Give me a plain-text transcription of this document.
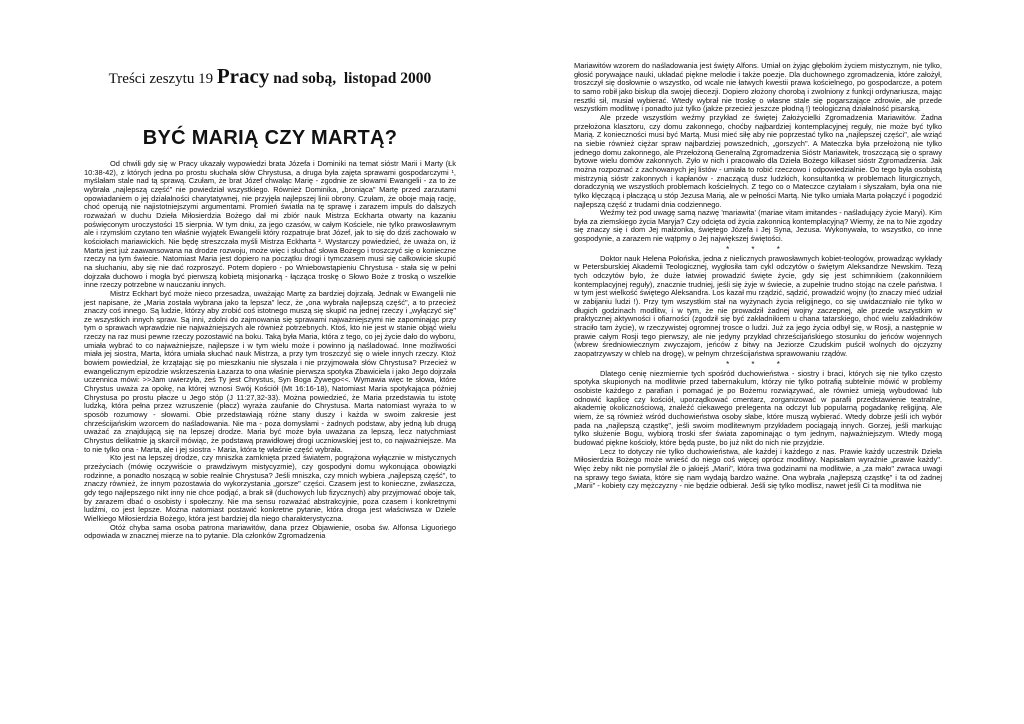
Treści zeszytu 19 Pracy nad sobą,  listopad 2000
BYĆ MARIĄ CZY MARTĄ?

Od chwili gdy się w Pracy ukazały wypowiedzi brata Józefa i Dominiki na temat sióstr Marii i Marty (Łk 10:38-42), z których jedna po prostu słuchała słów Chrystusa, a druga była zajęta sprawami gospodarczymi ¹, myślałam stale nad tą sprawą. Czułam, że brat Józef chwaląc Marię - zgodnie ze słowami Ewangelii - za to że wybrała „najlepszą część" nie powiedział wszystkiego. Również Dominika, „broniąca" Martę przed zarzutami opowiadaniem o jej działalności charytatywnej, nie przyjęła najlepszej linii obrony. Czułam, że oboje mają rację, choć operują nie najistotniejszymi argumentami. Promień światła na tę sprawę i zarazem impuls do dalszych rozważań w duchu Dzieła Miłosierdzia Bożego dał mi zbiór nauk Mistrza Eckharta otwarty na kazaniu poświęconym uroczystości 15 sierpnia. W tym dniu, za jego czasów, w całym Kościele, nie tylko prawosławnym ale i rzymskim czytano ten właśnie wyjątek Ewangelii który rozpatruje brat Józef, jak to się do dziś zachowało w kościołach mariawickich. Nie będę streszczała myśli Mistrza Eckharta ². Wystarczy powiedzieć, że uważa on, iż Marta jest już zaawansowana na drodze rozwoju, może więc i słuchać słowa Bożego i troszczyć się o konieczne rzeczy na tym świecie. Natomiast Maria jest dopiero na początku drogi i tymczasem musi się całkowicie skupić na słuchaniu, aby się nie dać rozproszyć. Potem dopiero - po Wniebowstąpieniu Chrystusa - stała się w pełni dojrzała duchowo i mogła być pierwszą kobietą misjonarką - łącząca troskę o Słowo Boże z troską o wszelkie inne rzeczy potrzebne w nauczaniu innych.

Mistrz Eckhart być może nieco przesadza, uważając Martę za bardziej dojrzałą. Jednak w Ewangelii nie jest napisane, że „Maria została wybrana jako ta lepsza" lecz, że „ona wybrała najlepszą część", a to przecież znaczy coś innego. Są ludzie, którzy aby zrobić coś istotnego muszą się skupić na jednej rzeczy i „wyłączyć się" ze wszystkich innych spraw. Są inni, zdolni do zajmowania się sprawami najważniejszymi nie zapominając przy tym o sprawach wprawdzie nie najważniejszych ale również potrzebnych. Ktoś, kto nie jest w stanie objąć wielu rzeczy na raz musi pewne rzeczy pozostawić na boku. Taką była Maria, która z tego, co jej życie dało do wyboru, umiała wybrać to co najważniejsze, najlepsze i w tym wielu może i powinno ją naśladować. Inne możliwości miała jej siostra, Marta, która umiała słuchać nauk Mistrza, a przy tym troszczyć się o wiele innych rzeczy. Ktoż bowiem powiedział, że krzątając się po mieszkaniu nie słyszała i nie przyjmowała słów Chrystusa? Przecież w ewangelicznym epizodzie wskrzeszenia Łazarza to ona właśnie pierwsza spotyka Zbawiciela i jako Jego dojrzała uczennica mówi: >>Jam uwierzyła, żeś Ty jest Chrystus, Syn Boga Żywego<<. Wymawia więc te słowa, które Chrystus uważa za opokę, na której wznosi Swój Kościół (Mt 16:16-18), Natomiast Maria spotykająca później Chrystusa po prostu płacze u Jego stóp (J 11:27,32-33). Można powiedzieć, że Maria przedstawia tu istotę ludzką, która pełna przez wzruszenie (płacz) wyraża zaufanie do Chrystusa. Marta natomiast wyraża to w sposób rozumowy - słowami. Obie przedstawiają różne stany duszy i każda w swoim zakresie jest chrześcijańskim wzorcem do naśladowania. Nie ma - poza domysłami - żadnych podstaw, aby jedną lub drugą uważać za znajdującą się na lepszej drodze. Maria być może była uważana za lepszą, lecz natychmiast Chrystus delikatnie ją skarcił mówiąc, że podstawą prawidłowej drogi uczniowskiej jest to, co najważniejsze. Ma to nie tylko ona - Marta, ale i jej siostra - Maria, która tę właśnie część wybrała.

Kto jest na lepszej drodze, czy mniszka zamknięta przed światem, pogrążona wyłącznie w mistycznych przeżyciach (mówię oczywiście o prawdziwym mistycyzmie), czy gospodyni domu wykonująca obowiązki rodzinne, a ponadto noszącą w sobie realnie Chrystusa? Jeśli mniszka, czy mnich wybiera „najlepszą część", to znaczy również, że innym pozostawia do wykorzystania „gorsze" części. Czasem jest to konieczne, zwłaszcza, gdy tego najlepszego nikt inny nie chce podjąć, a brak sił (duchowych lub fizycznych) aby przyjmować oboje tak, by zarazem dbać o osobisty i społeczny. Nie ma sensu rozważać abstrakcyjnie, poza czasem i konkretnymi ludźmi, co jest lepsze. Można natomiast postawić konkretne pytanie, która droga jest właściwsza w Dziele Wielkiego Miłosierdzia Bożego, która jest bardziej dla niego charakterystyczna.

Otóż chyba sama osoba patrona mariawitów, dana przez Objawienie, osoba św. Alfonsa Liguoriego odpowiada w znacznej mierze na to pytanie. Dla członków Zgromadzenia

Mariawitów wzorem do naśladowania jest święty Alfons. Umiał on żyjąc głębokim życiem mistycznym, nie tylko, głosić porywające nauki, układać piękne melodie i także poezje. Dla duchownego zgromadzenia, które założył, troszczył się dosłownie o wszystko, od wcale nie łatwych kwestii prawa kościelnego, po gospodarcze, a potem to samo robił jako biskup dla swojej diecezji. Dopiero złożony chorobą i zwolniony z funkcji ordynariusza, mając resztki sił, musiał wybierać. Wtedy wybrał nie troskę o własne stale się pogarszające zdrowie, ale przede wszystkim modlitwę i ponadto już tylko (jakże przecież jeszcze płodną !) teologiczną działalność pisarską.

Ale przede wszystkim weźmy przykład ze świętej Założycielki Zgromadzenia Mariawitów. Żadna przełożona klasztoru, czy domu zakonnego, choćby najbardziej kontemplacyjnej reguły, nie może być tylko Marią. Z konieczności musi być Martą. Musi mieć siłę aby nie poprzestać tylko na „najlepszej części", ale wziąć na siebie również ciężar spraw najbardziej powszednich, „gorszych". A Mateczka była przełożoną nie tylko jednego domu zakonnego, ale Przełożoną Generalną Zgromadzenia Sióstr Mariawitek, troszczącą się o sprawy bytowe wielu domów zakonnych. Żyło w nich i pracowało dla Dzieła Bożego kilkaset sióstr Zgromadzenia. Jak można rozpoznać z zachowanych jej listów - umiała to robić rzeczowo i odpowiedzialnie. Do tego była osobistą mistrzynią sióstr zakonnych i kapłanów - znaczącą dusz ludzkich, konsultantką w problemach liturgicznych, doradczynią we wszystkich problemach kościelnych. Z tego co o Mateczce czytałam i słyszałam, była ona nie tylko klęczącą i płaczącą u stóp Jezusa Marią, ale w pełności Martą. Nie tylko umiała Marta połączyć i pogodzić najlepszą część z trudami dnia codziennego.

Weźmy też pod uwagę samą nazwę 'mariawita' (mariae vitam imitandes - naśladujący życie Maryi). Kim była za ziemskiego życia Maryja? Czy odcięta od życia zakonnicą kontemplacyjną? Wiemy, że na to Nie zgodzy się znaczy się i dom Jej małżonka, świętego Józefa i Jej Syna, Jezusa. Wykonywała, to wszystko, co inne gospodynie, a zarazem nie wątpmy o Jej największej świętości.

* * *

Doktor nauk Helena Połońska, jedna z nielicznych prawosławnych kobiet-teologów, prowadząc wykłady w Petersburskiej Akademii Teologicznej, wygłosiła tam cykl odczytów o świętym Aleksandrze Newskim. Tezą tych odczytów było, że duże łatwiej prowadzić święte życie, gdy się jest schimnikiem (zakonnikiem kontemplacyjnej reguły), znacznie trudniej, jeśli się żyje w świecie, a zupełnie trudno stojąc na czele państwa. I w tym jest wielkość świętego Aleksandra. Los kazał mu rządzić, sądzić, prowadzić wojny (to znaczy mieć udział w zabijaniu ludzi !). Przy tym wszystkim stał na wyżynach życia religijnego, co się uwidaczniało nie tylko w długich godzinach modlitw, i w tym, że nie prowadził żadnej wojny zaczepnej, ale przede wszystkim w praktycznej aktywności i ofiarności (zgodził się być zakładnikiem u chana tatarskiego, choć wielu zakładników straciło tam życie), w rzeczywistej ogromnej trosce o ludzi. Już za jego życia odbył się, w Rosji, a następnie w prawie całym Rosji tego pierwszy, ale nie jedyny przykład chrześcijańskiego stosunku do jeńców wojennych (wbrew średniowiecznym zwyczajom, jeńców z bitwy na Jeziorze Czudskim puścił wolnych do ojczyzny zaopatrzywszy w chleb na drogę), w pełnym chrześcijaństwa sprawowaniu rządów.

* * *

Dlatego cenię niezmiernie tych spośród duchowieństwa - siostry i braci, których się nie tylko często spotyka skupionych na modlitwie przed tabernakulum, którzy nie tylko potrafią subtelnie mówić w problemy osobiste każdego z parafian i pomagać je po Bożemu rozwiązywać, ale również umieją wybudować lub odnowić kaplicę czy kościół, uporządkować cmentarz, zorganizować w parafii przedstawienie teatralne, akademię okolicznościową, znaleźć ciekawego prelegenta na odczyt lub popularną pogadankę religijną. Ale wiem, że są również wśród duchowieństwa osoby słabe, które muszą wybierać. Wtedy dobrze jeśli ich wybór pada na „najlepszą cząstkę", jeśli swoim modlitewnym przykładem pociągają innych. Gorzej, jeśli markując tylko służenie Bogu, wybiorą troski sfer świata zapominając o tym jednym, najważniejszym. Wtedy mogą budować piękne kościoły, które będą puste, bo już nikt do nich nie przyjdzie.

Lecz to dotyczy nie tylko duchowieństwa, ale każdej i każdego z nas. Prawie każdy uczestnik Dzieła Miłosierdzia Bożego może wnieść do niego coś więcej oprócz modlitwy. Napisałam wyraźnie „prawie każdy". Więc żeby nikt nie pomyślał źle o jakiejś „Marii", która trwa godzinami na modlitwie, a „za mało" zwraca uwagi na sprawy tego świata, które się nam wydają bardzo ważne. Ona wybrała „najlepszą cząstkę" i ta od żadnej „Marii" - kobiety czy mężczyzny - nie będzie odbierał. Jeśli się tylko modlisz, nawet jeśli Ci ta modlitwa nie
